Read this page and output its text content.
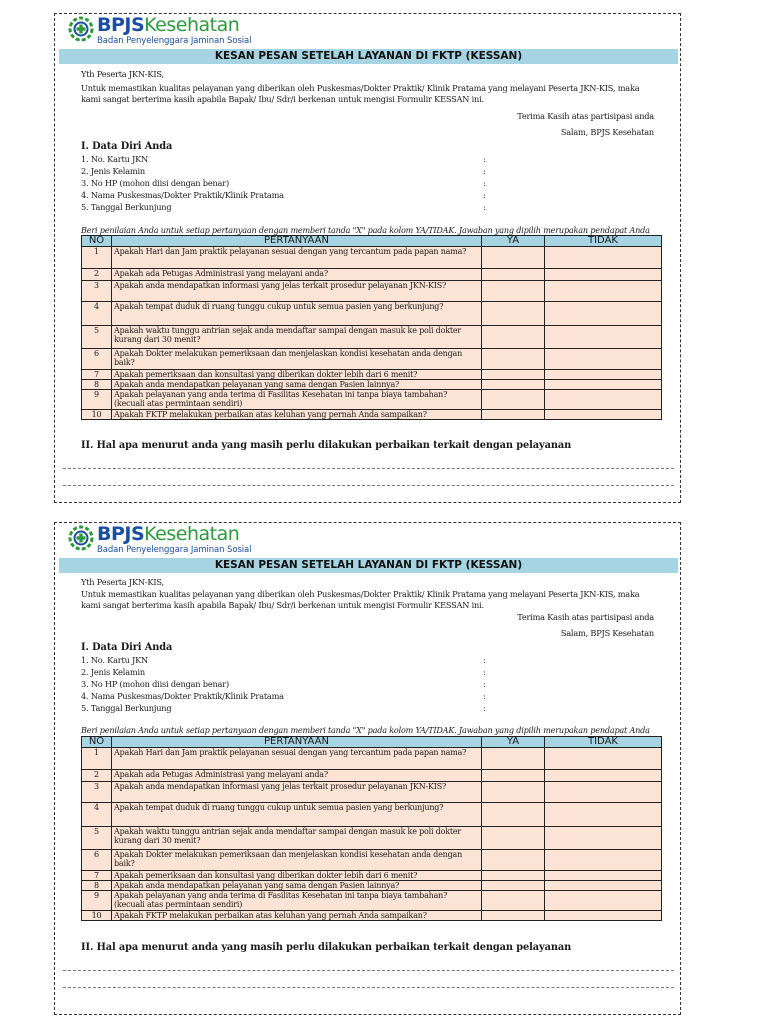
BPJSKesehatan
Badan Penyelenggara Jaminan Sosial
KESAN PESAN SETELAH LAYANAN DI FKTP (KESSAN)
Yth Peserta JKN-KIS,
Untuk memastikan kualitas pelayanan yang diberikan oleh Puskesmas/Dokter Praktik/ Klinik Pratama yang melayani Peserta JKN-KIS, maka
kami sangat berterima kasih apabila Bapak/ Ibu/ Sdr/i berkenan untuk mengisi Formulir KESSAN ini.
Terima Kasih atas partisipasi anda
Salam, BPJS Kesehatan
I. Data Diri Anda
1. No. Kartu JKN	:
2. Jenis Kelamin	:
3. No HP (mohon diisi dengan benar)	:
4. Nama Puskesmas/Dokter Praktik/Klinik Pratama	:
5. Tanggal Berkunjung	:
Beri penilaian Anda untuk setiap pertanyaan dengan memberi tanda "X" pada kolom YA/TIDAK. Jawaban yang dipilih merupakan pendapat Anda
NO	PERTANYAAN	YA	TIDAK
1	Apakah Hari dan Jam praktik pelayanan sesuai dengan yang tercantum pada papan nama?		
2	Apakah ada Petugas Administrasi yang melayani anda?		
3	Apakah anda mendapatkan informasi yang jelas terkait prosedur pelayanan JKN-KIS?		
4	Apakah tempat duduk di ruang tunggu cukup untuk semua pasien yang berkunjung?		
5	Apakah waktu tunggu antrian sejak anda mendaftar sampai dengan masuk ke poli dokter kurang dari 30 menit?		
6	Apakah Dokter melakukan pemeriksaan dan menjelaskan kondisi kesehatan anda dengan baik?		
7	Apakah pemeriksaan dan konsultasi yang diberikan dokter lebih dari 6 menit?		
8	Apakah anda mendapatkan pelayanan yang sama dengan Pasien lainnya?		
9	Apakah pelayanan yang anda terima di Fasilitas Kesehatan ini tanpa biaya tambahan? (kecuali atas permintaan sendiri)		
10	Apakah FKTP melakukan perbaikan atas keluhan yang pernah Anda sampaikan?		
II. Hal apa menurut anda yang masih perlu dilakukan perbaikan terkait dengan pelayanan
BPJSKesehatan
Badan Penyelenggara Jaminan Sosial
KESAN PESAN SETELAH LAYANAN DI FKTP (KESSAN)
Yth Peserta JKN-KIS,
Untuk memastikan kualitas pelayanan yang diberikan oleh Puskesmas/Dokter Praktik/ Klinik Pratama yang melayani Peserta JKN-KIS, maka
kami sangat berterima kasih apabila Bapak/ Ibu/ Sdr/i berkenan untuk mengisi Formulir KESSAN ini.
Terima Kasih atas partisipasi anda
Salam, BPJS Kesehatan
I. Data Diri Anda
1. No. Kartu JKN	:
2. Jenis Kelamin	:
3. No HP (mohon diisi dengan benar)	:
4. Nama Puskesmas/Dokter Praktik/Klinik Pratama	:
5. Tanggal Berkunjung	:
Beri penilaian Anda untuk setiap pertanyaan dengan memberi tanda "X" pada kolom YA/TIDAK. Jawaban yang dipilih merupakan pendapat Anda
NO	PERTANYAAN	YA	TIDAK
1	Apakah Hari dan Jam praktik pelayanan sesuai dengan yang tercantum pada papan nama?		
2	Apakah ada Petugas Administrasi yang melayani anda?		
3	Apakah anda mendapatkan informasi yang jelas terkait prosedur pelayanan JKN-KIS?		
4	Apakah tempat duduk di ruang tunggu cukup untuk semua pasien yang berkunjung?		
5	Apakah waktu tunggu antrian sejak anda mendaftar sampai dengan masuk ke poli dokter kurang dari 30 menit?		
6	Apakah Dokter melakukan pemeriksaan dan menjelaskan kondisi kesehatan anda dengan baik?		
7	Apakah pemeriksaan dan konsultasi yang diberikan dokter lebih dari 6 menit?		
8	Apakah anda mendapatkan pelayanan yang sama dengan Pasien lainnya?		
9	Apakah pelayanan yang anda terima di Fasilitas Kesehatan ini tanpa biaya tambahan? (kecuali atas permintaan sendiri)		
10	Apakah FKTP melakukan perbaikan atas keluhan yang pernah Anda sampaikan?		
II. Hal apa menurut anda yang masih perlu dilakukan perbaikan terkait dengan pelayanan
